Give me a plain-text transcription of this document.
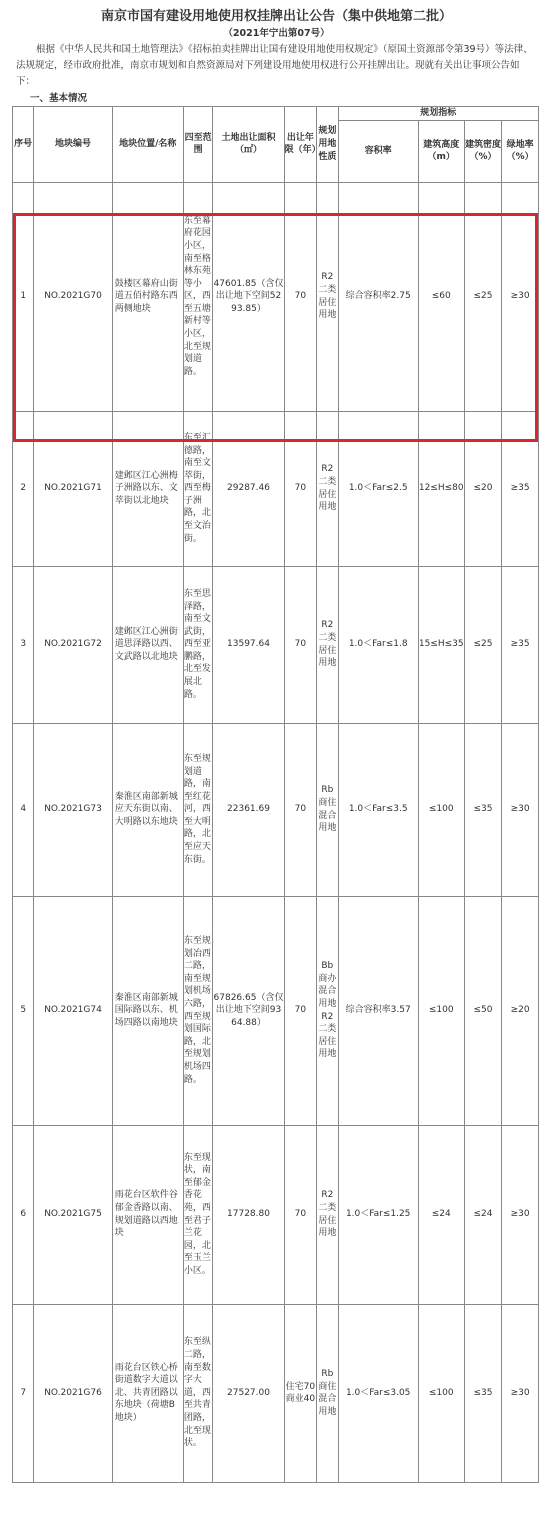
南京市国有建设用地使用权挂牌出让公告（集中供地第二批）
（2021年宁出第07号）
根据《中华人民共和国土地管理法》《招标拍卖挂牌出让国有建设用地使用权规定》（原国土资源部令第39号）等法律、法规规定，经市政府批准，南京市规划和自然资源局对下列建设用地使用权进行公开挂牌出让。现就有关出让事项公告如下：
一、基本情况
序号	地块编号	地块位置/名称	四至范围	土地出让面积（㎡）	出让年限（年）	规划用地性质	规划指标			
							容积率	建筑高度（m）	建筑密度（%）	绿地率（%）
1	NO.2021G70	鼓楼区幕府山街道五佰村路东西两侧地块	东至幕府花园小区，南至格林东苑等小区，西至五塘新村等小区，北至规划道路。	47601.85（含仅出让地下空间5293.85）	70	R2二类居住用地	综合容积率2.75	≤60	≤25	≥30
2	NO.2021G71	建邺区江心洲梅子洲路以东、文萃街以北地块	东至汇德路，南至文萃街，西至梅子洲路，北至文治街。	29287.46	70	R2二类居住用地	1.0＜Far≤2.5	12≤H≤80	≤20	≥35
3	NO.2021G72	建邺区江心洲街道思泽路以西、文武路以北地块	东至思泽路，南至文武街，西至亚鹏路，北至发展北路。	13597.64	70	R2二类居住用地	1.0＜Far≤1.8	15≤H≤35	≤25	≥35
4	NO.2021G73	秦淮区南部新城应天东街以南、大明路以东地块	东至规划道路，南至红花河，西至大明路，北至应天东街。	22361.69	70	Rb商住混合用地	1.0＜Far≤3.5	≤100	≤35	≥30
5	NO.2021G74	秦淮区南部新城国际路以东、机场四路以南地块	东至规划冶西二路，南至规划机场六路，西至规划国际路，北至规划机场四路。	67826.65（含仅出让地下空间9364.88）	70	Bb商办混合用地R2二类居住用地	综合容积率3.57	≤100	≤50	≥20
6	NO.2021G75	雨花台区软件谷郁金香路以南、规划道路以西地块	东至现状，南至郁金香花苑，西至君子兰花园，北至玉兰小区。	17728.80	70	R2二类居住用地	1.0＜Far≤1.25	≤24	≤24	≥30
7	NO.2021G76	雨花台区铁心桥街道数字大道以北、共青团路以东地块（荷塘B地块）	东至纵二路，南至数字大道，西至共青团路，北至现状。	27527.00	住宅70 商业40	Rb商住混合用地	1.0＜Far≤3.05	≤100	≤35	≥30
